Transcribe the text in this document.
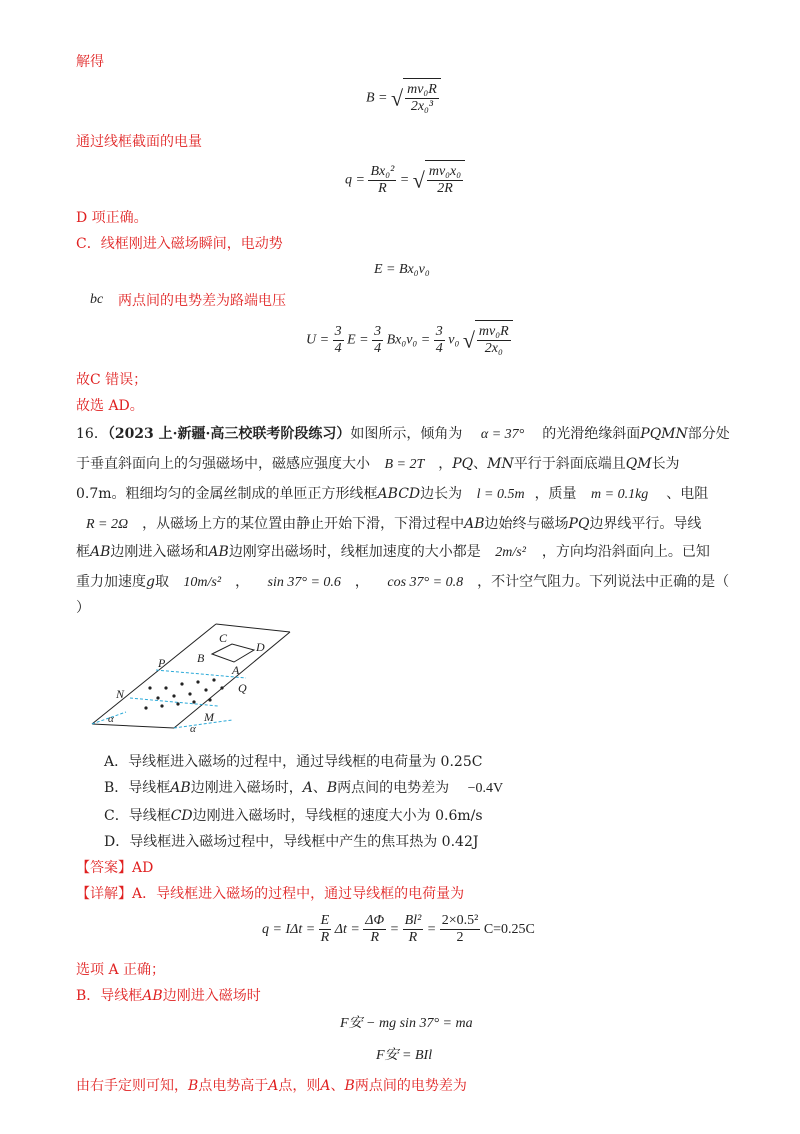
解得
B = √ $\frac{\text{mv₀R}}{\text{2x₀³}}$
通过线框截面的电量
$q = \frac{\text{Bx₀²}}{R}$ = √ $\frac{\text{mv₀x₀}}{2R}$
D 项正确。
C．线框刚进入磁场瞬间，电动势
E = Bx₀v₀
bc 两点间的电势差为路端电压
$U = \frac{3}{4}$ $E = \frac{3}{4} Bx_0v_0 = \frac{3}{4} v_0$ √ $\frac{\text{mv₀R}}{\text{2x₀}}$
故C 错误；
故选 AD。
16．（2023 上·新疆·高三校联考阶段练习）如图所示，倾角为 α = 37° 的光滑绝缘斜面PQMN部分处
于垂直斜面向上的匀强磁场中，磁感应强度大小 B = 2T ，PQ、MN平行于斜面底端且QM长为
0.7m。粗细均匀的金属丝制成的单匝正方形线框ABCD边长为 l = 0.5m ，质量 m = 0.1kg 、电阻
R = 2Ω ，从磁场上方的某位置由静止开始下滑，下滑过程中AB边始终与磁场PQ边界线平行。导线
框AB边刚进入磁场和AB边刚穿出磁场时，线框加速度的大小都是 2m/s² ，方向均沿斜面向上。已知
重力加速度g取 10m/s² ， sin 37° = 0.6 ， cos 37° = 0.8 ，不计空气阻力。下列说法中正确的是（
）
C
D
B
A
P
Q
N
M
α
α
A．导线框进入磁场的过程中，通过导线框的电荷量为 0.25C
B．导线框AB边刚进入磁场时，A、B两点间的电势差为 −0.4V
C．导线框CD边刚进入磁场时，导线框的速度大小为 0.6m/s
D．导线框进入磁场过程中，导线框中产生的焦耳热为 0.42J
【答案】AD
【详解】A．导线框进入磁场的过程中，通过导线框的电荷量为
$q = I\Delta t = \frac{E}{R}$ $\Delta t = \frac{\Delta\Phi}{R} = \frac{\text{Bl²}}{R} = \frac{\text{2×0.5²}}{2} C=0.25C$
选项 A 正确；
B．导线框AB边刚进入磁场时
F安 − mg sin 37° = ma
F安 = BIl
由右手定则可知，B点电势高于A点，则A、B两点间的电势差为
